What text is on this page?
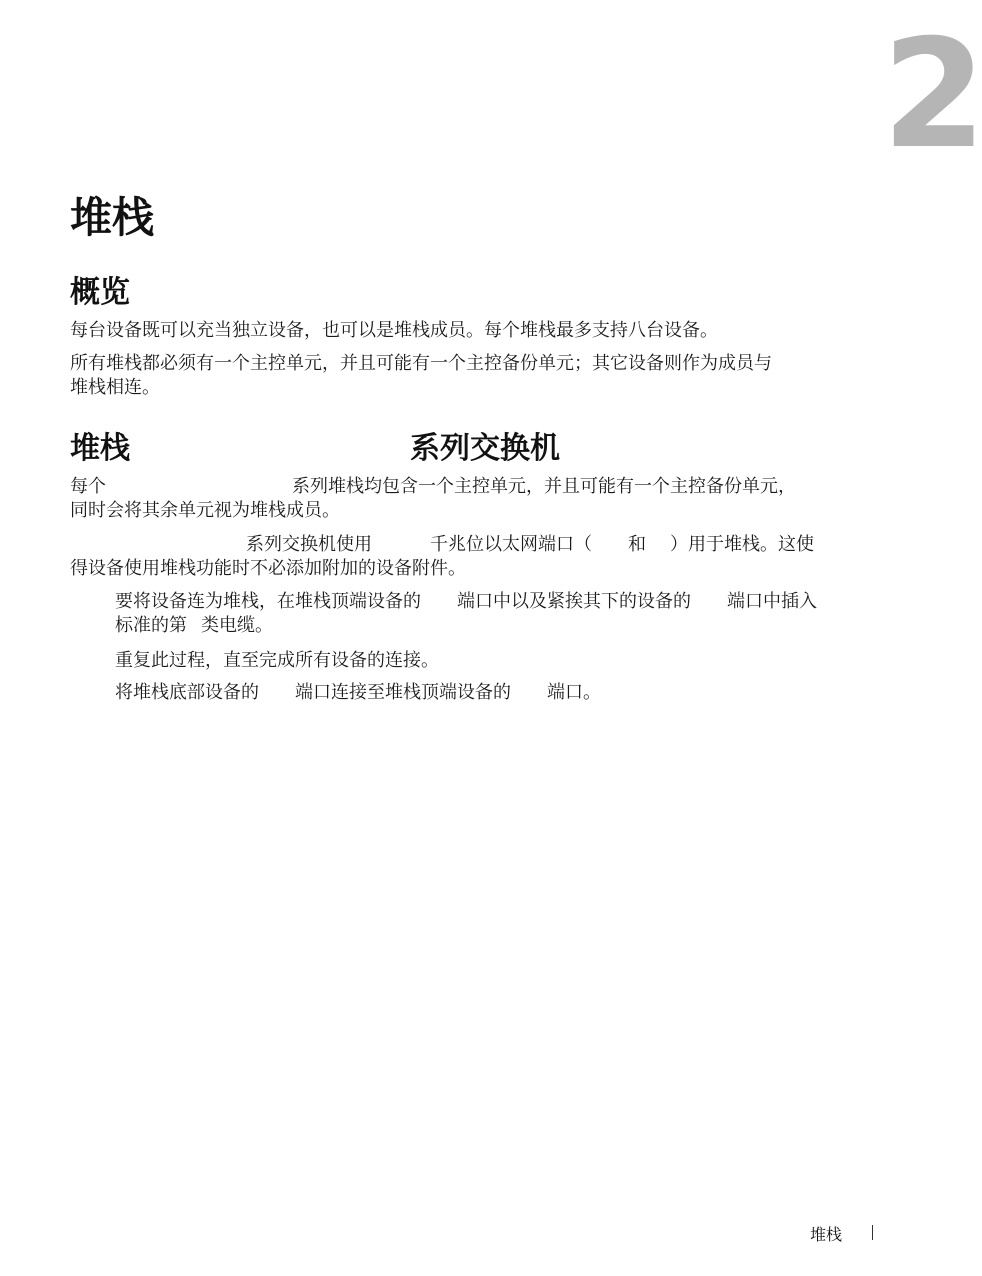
2
堆栈
概览

每台设备既可以充当独立设备，也可以是堆栈成员。每个堆栈最多支持八台设备。

所有堆栈都必须有一个主控单元，并且可能有一个主控备份单元；其它设备则作为成员与
堆栈相连。

堆栈	系列交换机

每个	系列堆栈均包含一个主控单元，并且可能有一个主控备份单元，
同时会将其余单元视为堆栈成员。

系列交换机使用	千兆位以太网端口（ 和 ）用于堆栈。这使
得设备使用堆栈功能时不必添加附加的设备附件。

要将设备连为堆栈，在堆栈顶端设备的 端口中以及紧挨其下的设备的 端口中插入
标准的第 类电缆。

重复此过程，直至完成所有设备的连接。

将堆栈底部设备的 端口连接至堆栈顶端设备的 端口。

堆栈
